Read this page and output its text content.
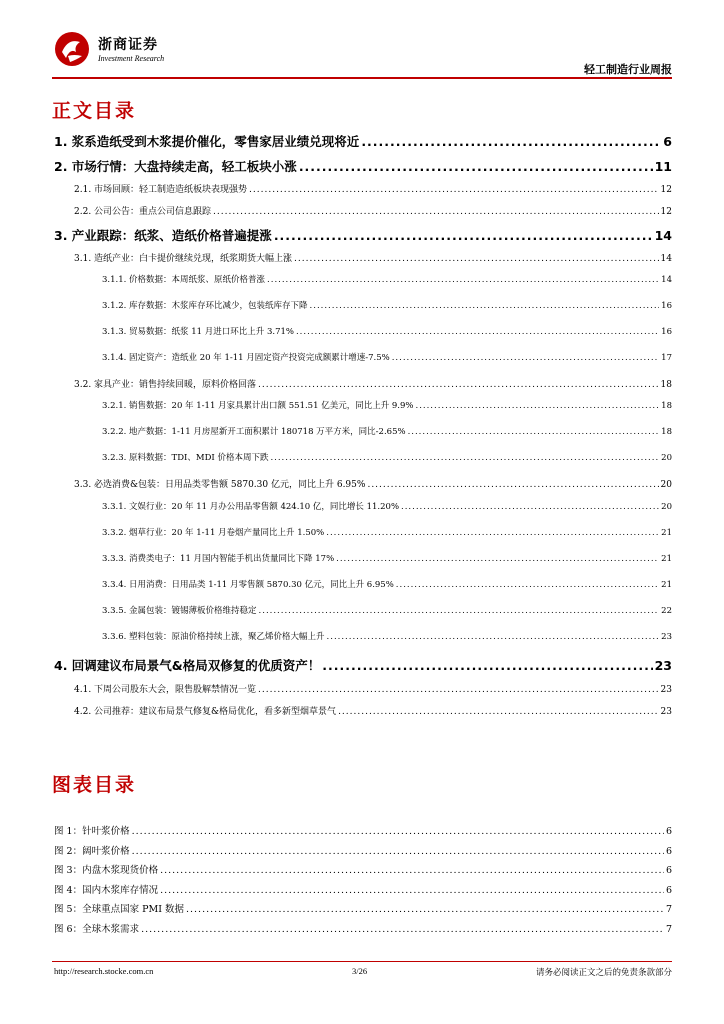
浙商证券
Investment Research
轻工制造行业周报
正文目录
1. 浆系造纸受到木浆提价催化，零售家居业绩兑现将近 .....	6
2. 市场行情：大盘持续走高，轻工板块小涨 .....	11
2.1. 市场回顾：轻工制造造纸板块表现强势 .....	12
2.2. 公司公告：重点公司信息跟踪 .....	12
3. 产业跟踪：纸浆、造纸价格普遍提涨 .....	14
3.1. 造纸产业：白卡提价继续兑现，纸浆期货大幅上涨 .....	14
3.1.1. 价格数据：本周纸浆、原纸价格普涨 .....	14
3.1.2. 库存数据：木浆库存环比减少，包装纸库存下降 .....	16
3.1.3. 贸易数据：纸浆 11 月进口环比上升 3.71% .....	16
3.1.4. 固定资产：造纸业 20 年 1-11 月固定资产投资完成额累计增速-7.5% .....	17
3.2. 家具产业：销售持续回暖，原料价格回落 .....	18
3.2.1. 销售数据：20 年 1-11 月家具累计出口额 551.51 亿美元，同比上升 9.9% .....	18
3.2.2. 地产数据：1-11 月房屋新开工面积累计 180718 万平方米，同比-2.65% .....	18
3.2.3. 原料数据：TDI、MDI 价格本周下跌 .....	20
3.3. 必选消费&包装：日用品类零售额 5870.30 亿元，同比上升 6.95% .....	20
3.3.1. 文娱行业：20 年 11 月办公用品零售额 424.10 亿，同比增长 11.20% .....	20
3.3.2. 烟草行业：20 年 1-11 月卷烟产量同比上升 1.50% .....	21
3.3.3. 消费类电子：11 月国内智能手机出货量同比下降 17% .....	21
3.3.4. 日用消费：日用品类 1-11 月零售额 5870.30 亿元，同比上升 6.95% .....	21
3.3.5. 金属包装：镀锡薄板价格维持稳定 .....	22
3.3.6. 塑料包装：原油价格持续上涨，聚乙烯价格大幅上升 .....	23
4. 回调建议布局景气&格局双修复的优质资产！ .....	23
4.1. 下周公司股东大会，限售股解禁情况一览 .....	23
4.2. 公司推荐：建议布局景气修复&格局优化，看多新型烟草景气 .....	23
图表目录
图 1：针叶浆价格 .....	6
图 2：阔叶浆价格 .....	6
图 3：内盘木浆现货价格 .....	6
图 4：国内木浆库存情况 .....	6
图 5：全球重点国家 PMI 数据 .....	7
图 6：全球木浆需求 .....	7
http://research.stocke.com.cn	3/26	请务必阅读正文之后的免责条款部分
